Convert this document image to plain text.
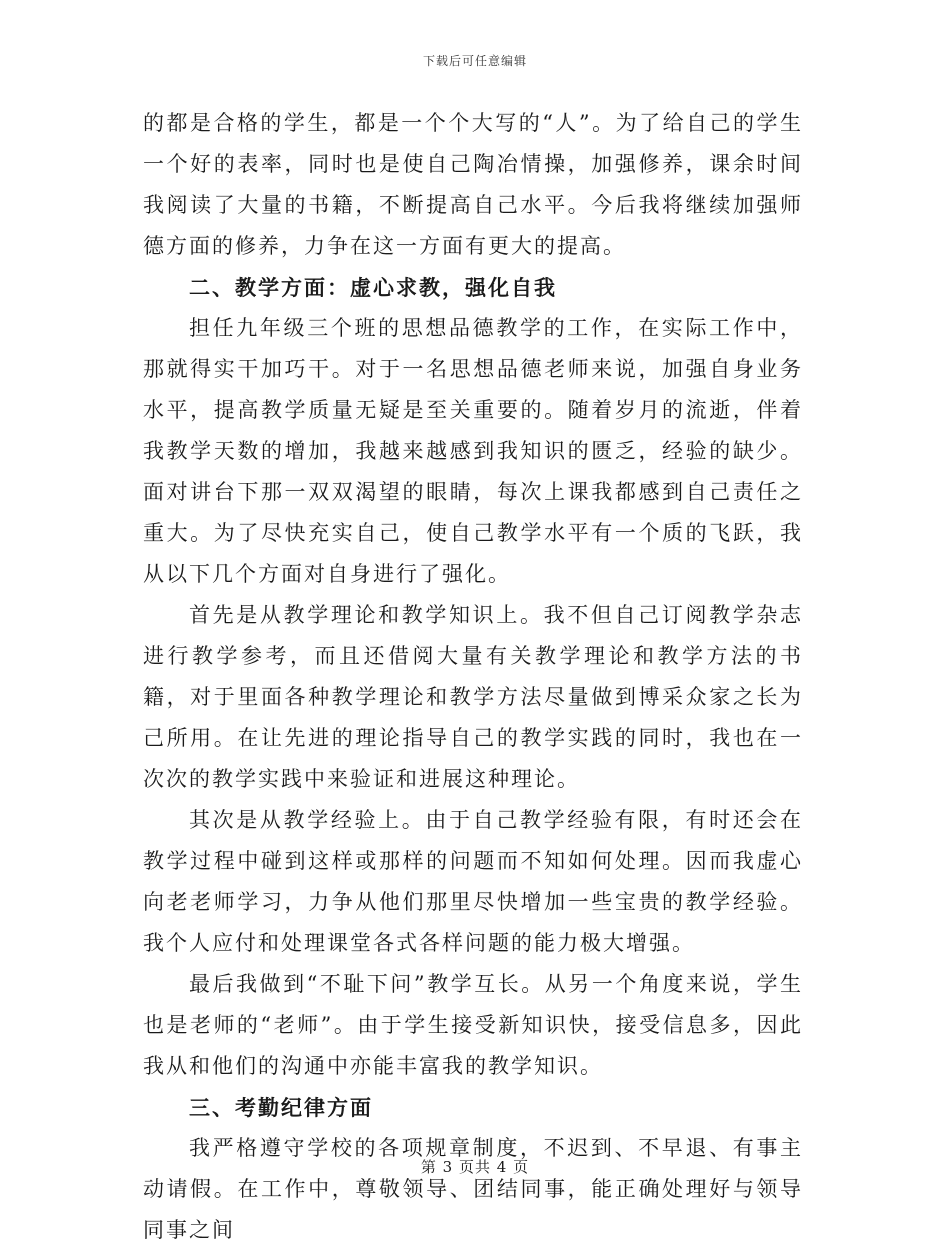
下载后可任意编辑

的都是合格的学生，都是一个个大写的“人”。为了给自己的学生一个好的表率，同时也是使自己陶冶情操，加强修养，课余时间我阅读了大量的书籍，不断提高自己水平。今后我将继续加强师德方面的修养，力争在这一方面有更大的提高。

二、教学方面：虚心求教，强化自我

担任九年级三个班的思想品德教学的工作，在实际工作中，那就得实干加巧干。对于一名思想品德老师来说，加强自身业务水平，提高教学质量无疑是至关重要的。随着岁月的流逝，伴着我教学天数的增加，我越来越感到我知识的匮乏，经验的缺少。面对讲台下那一双双渴望的眼睛，每次上课我都感到自己责任之重大。为了尽快充实自己，使自己教学水平有一个质的飞跃，我从以下几个方面对自身进行了强化。

首先是从教学理论和教学知识上。我不但自己订阅教学杂志进行教学参考，而且还借阅大量有关教学理论和教学方法的书籍，对于里面各种教学理论和教学方法尽量做到博采众家之长为己所用。在让先进的理论指导自己的教学实践的同时，我也在一次次的教学实践中来验证和进展这种理论。

其次是从教学经验上。由于自己教学经验有限，有时还会在教学过程中碰到这样或那样的问题而不知如何处理。因而我虚心向老老师学习，力争从他们那里尽快增加一些宝贵的教学经验。我个人应付和处理课堂各式各样问题的能力极大增强。

最后我做到“不耻下问”教学互长。从另一个角度来说，学生也是老师的“老师”。由于学生接受新知识快，接受信息多，因此我从和他们的沟通中亦能丰富我的教学知识。

三、考勤纪律方面

我严格遵守学校的各项规章制度，不迟到、不早退、有事主动请假。在工作中，尊敬领导、团结同事，能正确处理好与领导同事之间

第 3 页共 4 页
